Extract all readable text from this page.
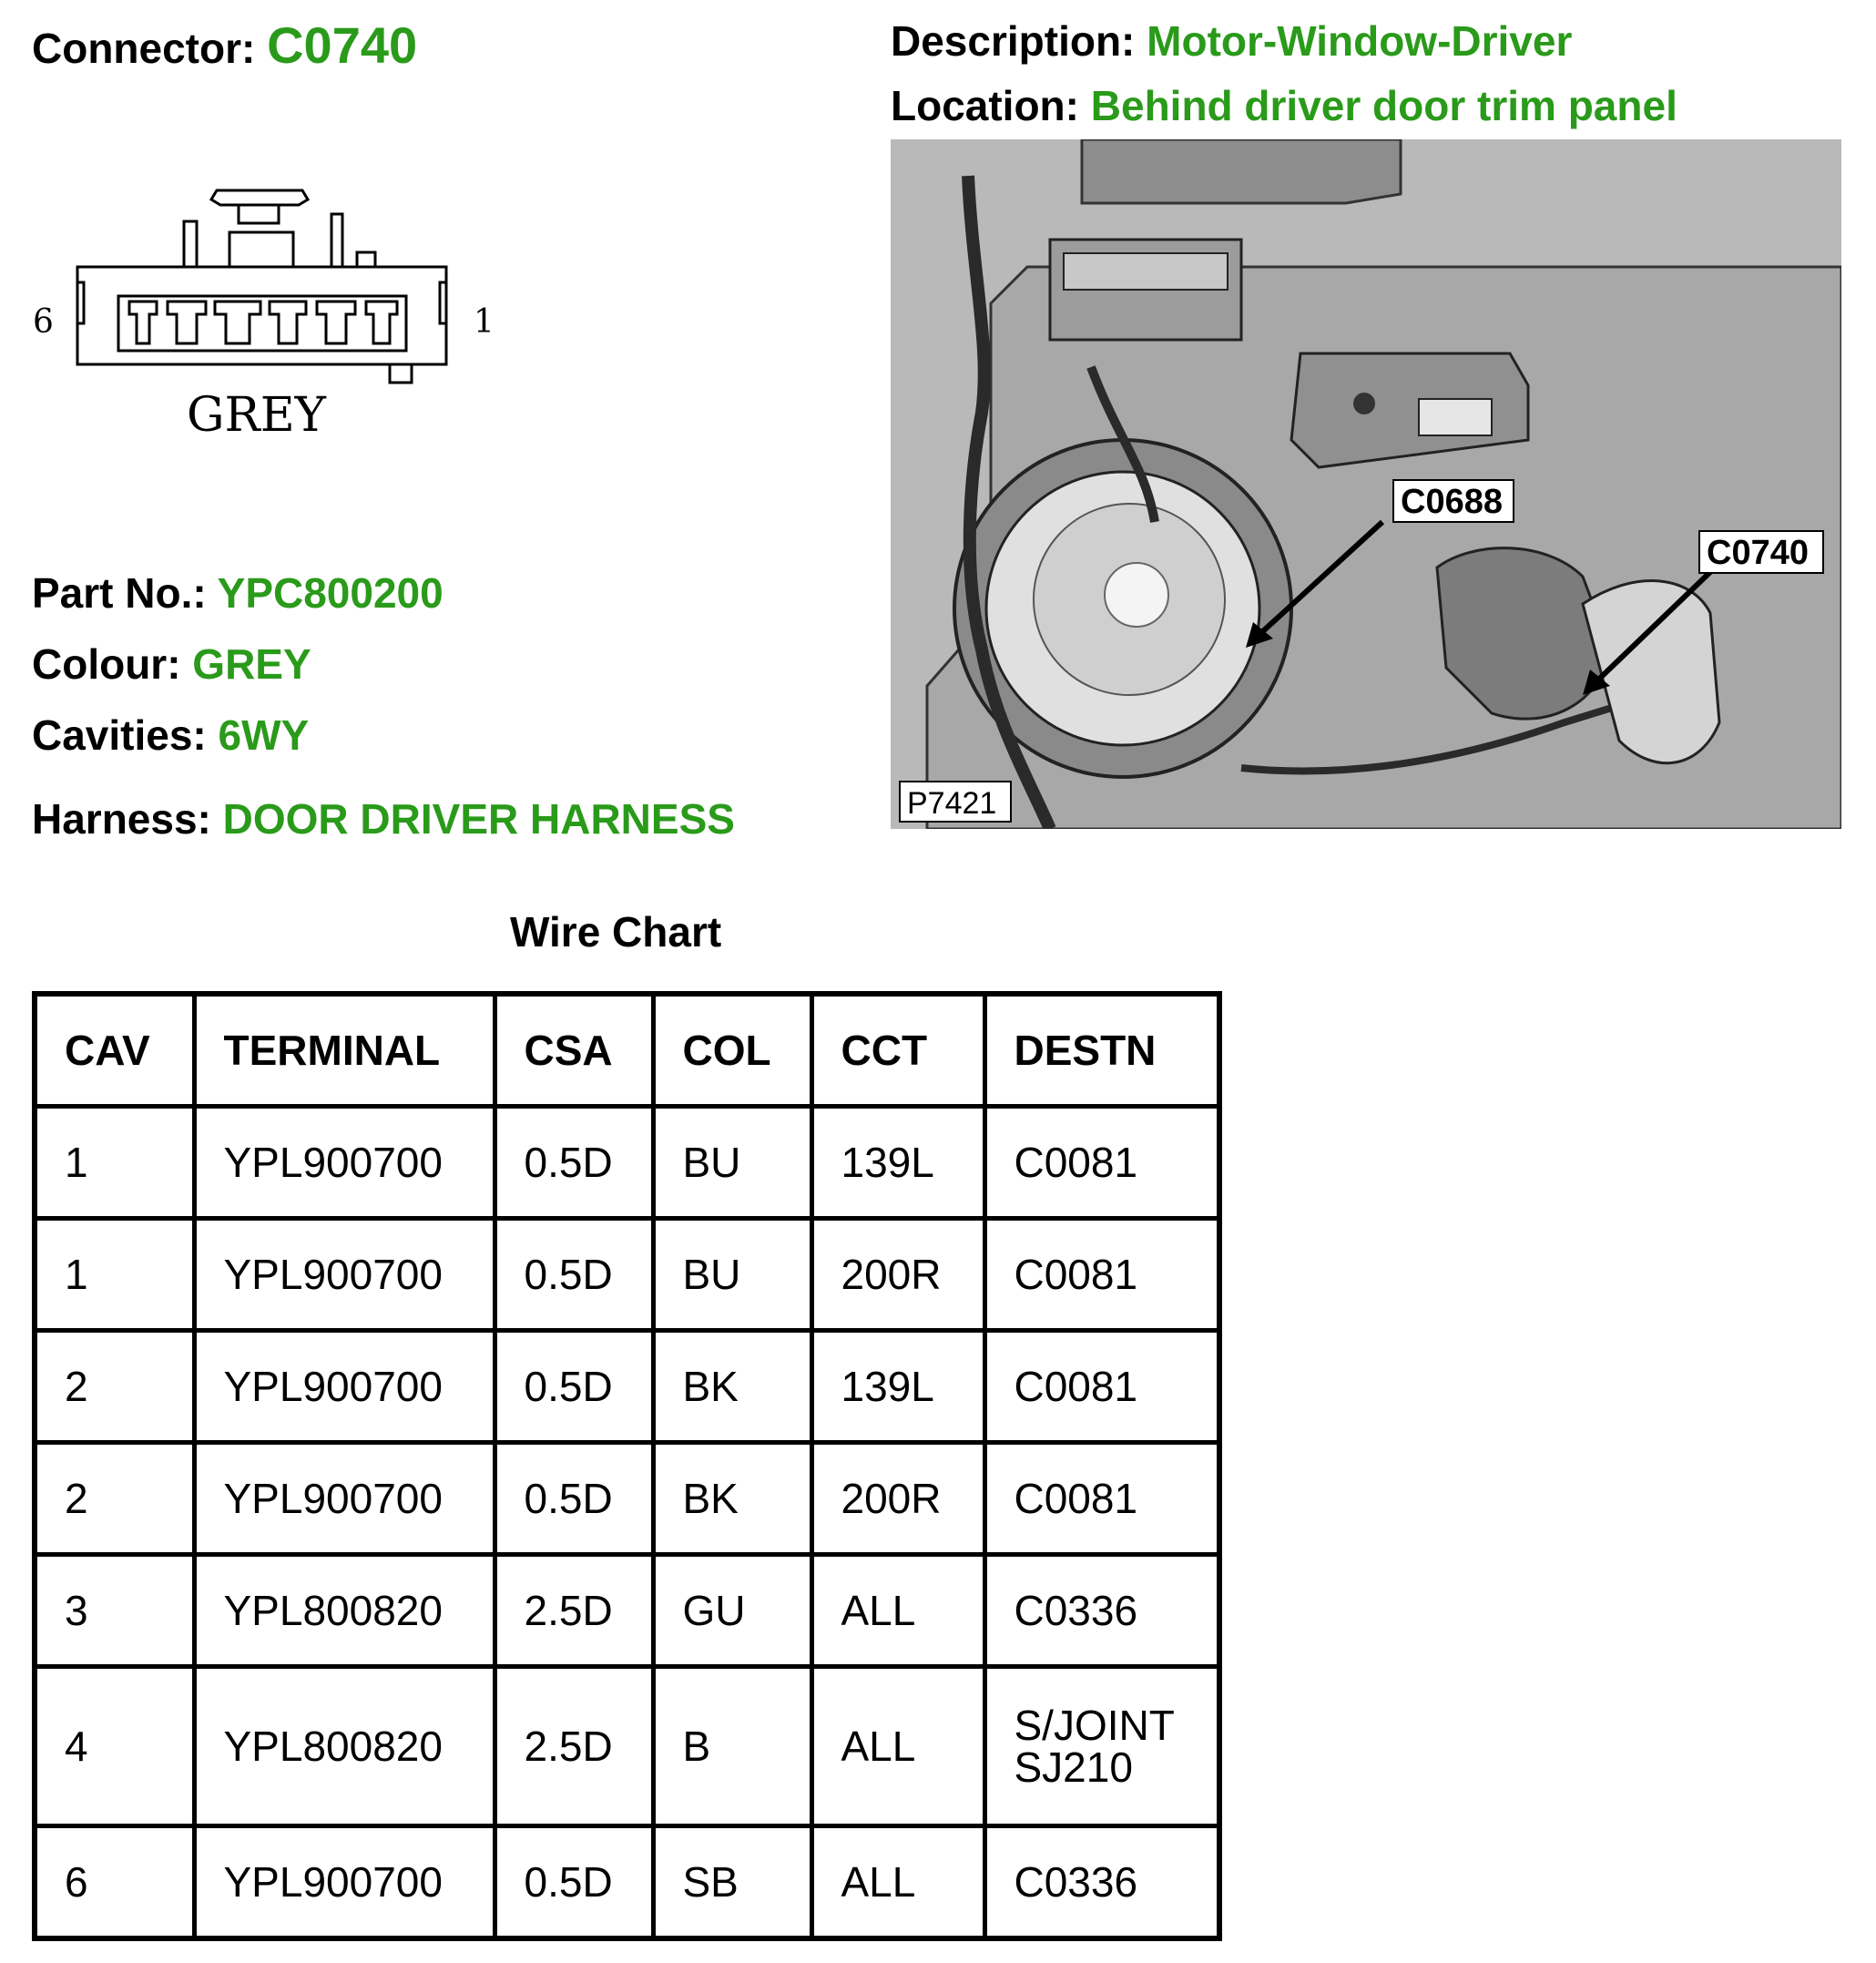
Connector: C0740	Description: Motor-Window-Driver
Location: Behind driver door trim panel
6	1
GREY
Part No.: YPC800200
Colour: GREY
Cavities: 6WY
Harness: DOOR DRIVER HARNESS
C0688
C0740
P7421
Wire Chart
CAV	TERMINAL	CSA	COL	CCT	DESTN
1	YPL900700	0.5D	BU	139L	C0081
1	YPL900700	0.5D	BU	200R	C0081
2	YPL900700	0.5D	BK	139L	C0081
2	YPL900700	0.5D	BK	200R	C0081
3	YPL800820	2.5D	GU	ALL	C0336
4	YPL800820	2.5D	B	ALL	S/JOINT
SJ210

6	YPL900700	0.5D	SB	ALL	C0336
